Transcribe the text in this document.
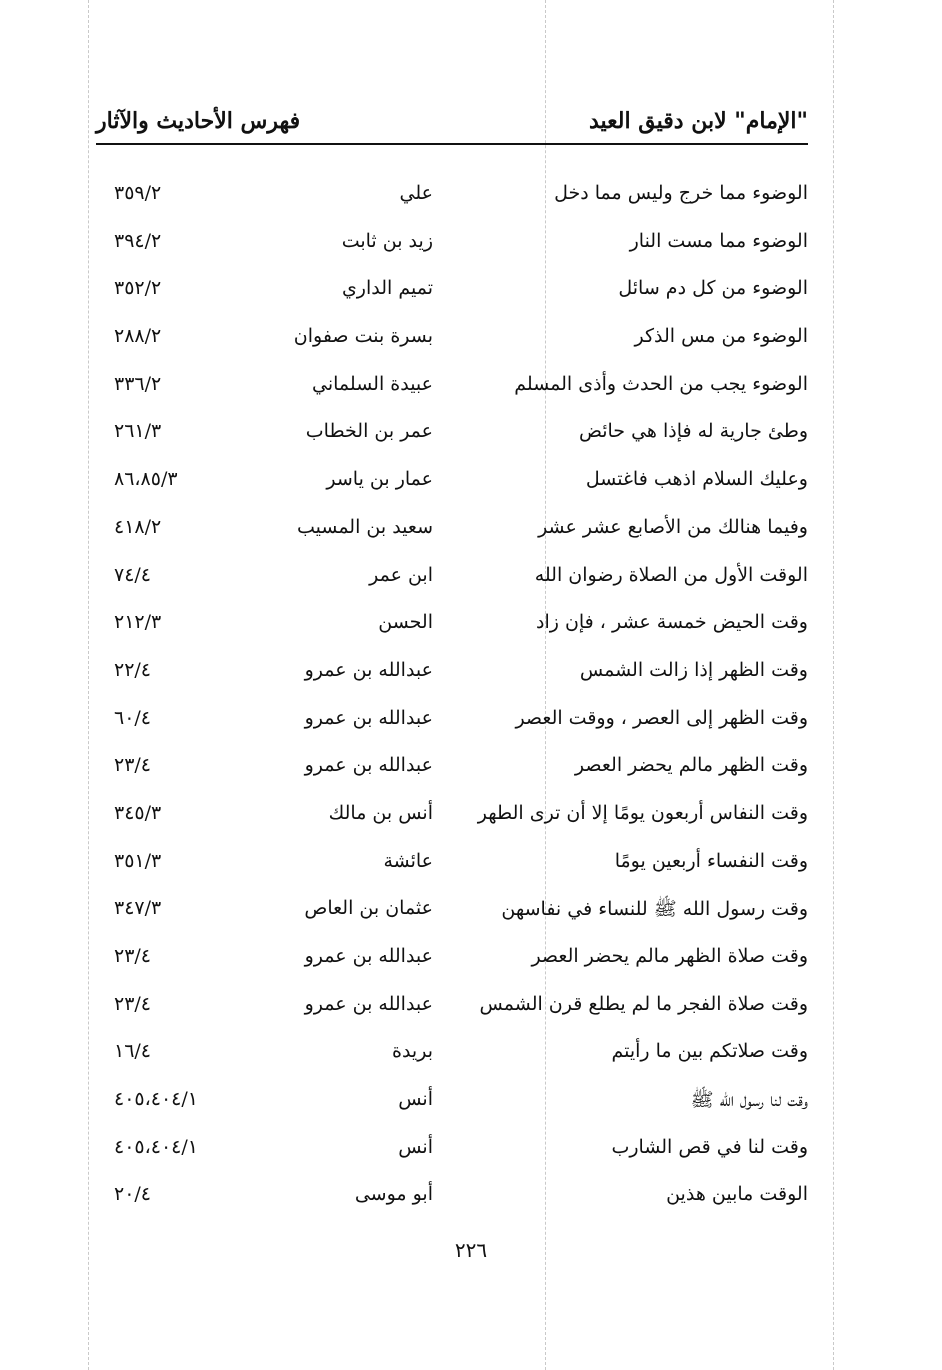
"الإمام" لابن دقيق العيد
فهرس الأحاديث والآثار
الوضوء مما خرج وليس مما دخل
علي
٣٥٩/٢
الوضوء مما مست النار
زيد بن ثابت
٣٩٤/٢
الوضوء من كل دم سائل
تميم الداري
٣٥٢/٢
الوضوء من مس الذكر
بسرة بنت صفوان
٢٨٨/٢
الوضوء يجب من الحدث وأذى المسلم
عبيدة السلماني
٣٣٦/٢
وطئ جارية له فإذا هي حائض
عمر بن الخطاب
٢٦١/٣
وعليك السلام اذهب فاغتسل
عمار بن ياسر
٨٦،٨٥/٣
وفيما هنالك من الأصابع عشر عشر
سعيد بن المسيب
٤١٨/٢
الوقت الأول من الصلاة رضوان الله
ابن عمر
٧٤/٤
وقت الحيض خمسة عشر ، فإن زاد
الحسن
٢١٢/٣
وقت الظهر إذا زالت الشمس
عبدالله بن عمرو
٢٢/٤
وقت الظهر إلى العصر ، ووقت العصر
عبدالله بن عمرو
٦٠/٤
وقت الظهر مالم يحضر العصر
عبدالله بن عمرو
٢٣/٤
وقت النفاس أربعون يومًا إلا أن ترى الطهر
أنس بن مالك
٣٤٥/٣
وقت النفساء أربعين يومًا
عائشة
٣٥١/٣
وقت رسول الله ﷺ للنساء في نفاسهن
عثمان بن العاص
٣٤٧/٣
وقت صلاة الظهر مالم يحضر العصر
عبدالله بن عمرو
٢٣/٤
وقت صلاة الفجر ما لم يطلع قرن الشمس
عبدالله بن عمرو
٢٣/٤
وقت صلاتكم بين ما رأيتم
بريدة
١٦/٤
وقت لنا رسول الله ﷺ
أنس
٤٠٥،٤٠٤/١
وقت لنا في قص الشارب
أنس
٤٠٥،٤٠٤/١
الوقت مابين هذين
أبو موسى
٢٠/٤
٢٢٦
